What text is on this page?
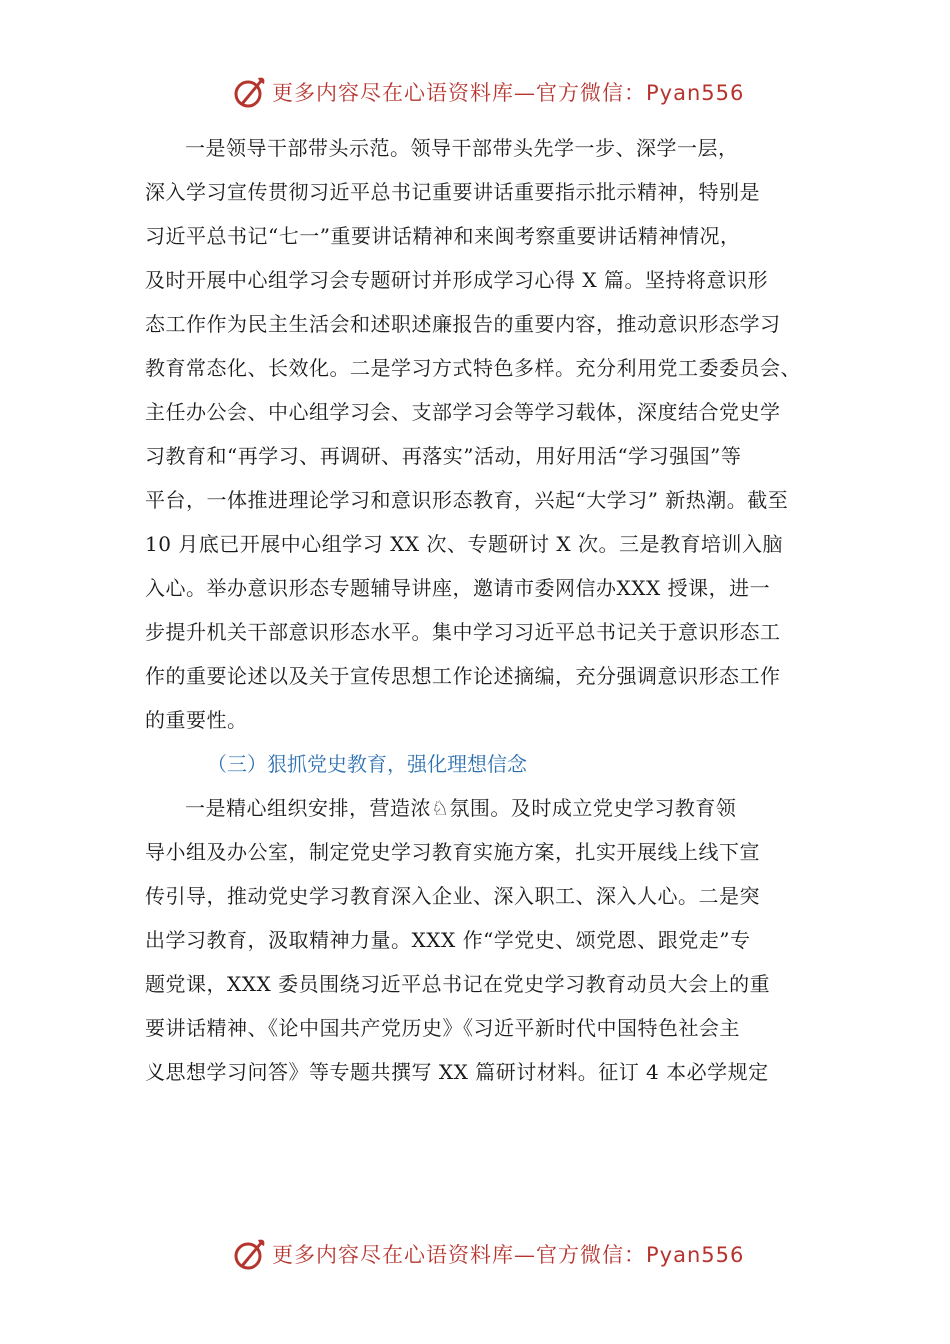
更多内容尽在心语资料库—官方微信：Pyan556
一是领导干部带头示范。领导干部带头先学一步、深学一层，
深入学习宣传贯彻习近平总书记重要讲话重要指示批示精神，特别是
习近平总书记“七一”重要讲话精神和来闽考察重要讲话精神情况，
及时开展中心组学习会专题研讨并形成学习心得 X 篇。坚持将意识形
态工作作为民主生活会和述职述廉报告的重要内容，推动意识形态学习
教育常态化、长效化。二是学习方式特色多样。充分利用党工委委员会、
主任办公会、中心组学习会、支部学习会等学习载体，深度结合党史学
习教育和“再学习、再调研、再落实”活动，用好用活“学习强国”等
平台，一体推进理论学习和意识形态教育，兴起“大学习” 新热潮。截至
10 月底已开展中心组学习 XX 次、专题研讨 X 次。三是教育培训入脑
入心。举办意识形态专题辅导讲座，邀请市委网信办XXX 授课，进一
步提升机关干部意识形态水平。集中学习习近平总书记关于意识形态工
作的重要论述以及关于宣传思想工作论述摘编，充分强调意识形态工作
的重要性。
（三）狠抓党史教育，强化理想信念
一是精心组织安排，营造浓♘氛围。及时成立党史学习教育领
导小组及办公室，制定党史学习教育实施方案，扎实开展线上线下宣
传引导，推动党史学习教育深入企业、深入职工、深入人心。二是突
出学习教育，汲取精神力量。XXX 作“学党史、颂党恩、跟党走”专
题党课，XXX 委员围绕习近平总书记在党史学习教育动员大会上的重
要讲话精神、《论中国共产党历史》《习近平新时代中国特色社会主
义思想学习问答》等专题共撰写 XX 篇研讨材料。征订 4 本必学规定
更多内容尽在心语资料库—官方微信：Pyan556
